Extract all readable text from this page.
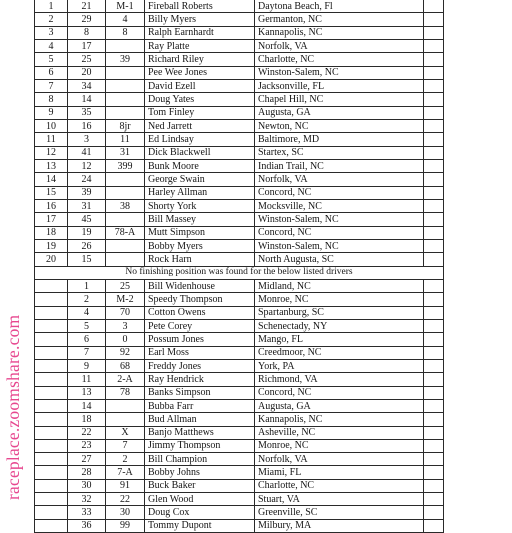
1	21	M-1	Fireball Roberts	Daytona Beach, Fl	
2	29	4	Billy Myers	Germanton, NC	
3	8	8	Ralph Earnhardt	Kannapolis, NC	
4	17		Ray Platte	Norfolk, VA	
5	25	39	Richard Riley	Charlotte, NC	
6	20		Pee Wee Jones	Winston-Salem, NC	
7	34		David Ezell	Jacksonville, FL	
8	14		Doug Yates	Chapel Hill, NC	
9	35		Tom Finley	Augusta, GA	
10	16	8jr	Ned Jarrett	Newton, NC	
11	3	11	Ed Lindsay	Baltimore, MD	
12	41	31	Dick Blackwell	Startex, SC	
13	12	399	Bunk Moore	Indian Trail, NC	
14	24		George Swain	Norfolk, VA	
15	39		Harley Allman	Concord, NC	
16	31	38	Shorty York	Mocksville, NC	
17	45		Bill Massey	Winston-Salem, NC	
18	19	78-A	Mutt Simpson	Concord, NC	
19	26		Bobby Myers	Winston-Salem, NC	
20	15		Rock Harn	North Augusta, SC	
No finishing position was found for the below listed drivers					
	1	25	Bill Widenhouse	Midland, NC	
	2	M-2	Speedy Thompson	Monroe, NC	
	4	70	Cotton Owens	Spartanburg, SC	
	5	3	Pete Corey	Schenectady, NY	
	6	0	Possum Jones	Mango, FL	
	7	92	Earl Moss	Creedmoor, NC	
	9	68	Freddy Jones	York, PA	
	11	2-A	Ray Hendrick	Richmond, VA	
	13	78	Banks Simpson	Concord, NC	
	14		Bubba Farr	Augusta, GA	
	18		Bud Allman	Kannapolis, NC	
	22	X	Banjo Matthews	Asheville, NC	
	23	7	Jimmy Thompson	Monroe, NC	
	27	2	Bill Champion	Norfolk, VA	
	28	7-A	Bobby Johns	Miami, FL	
	30	91	Buck Baker	Charlotte, NC	
	32	22	Glen Wood	Stuart, VA	
	33	30	Doug Cox	Greenville, SC	
	36	99	Tommy Dupont	Milbury, MA	
raceplace.zoomshare.com
